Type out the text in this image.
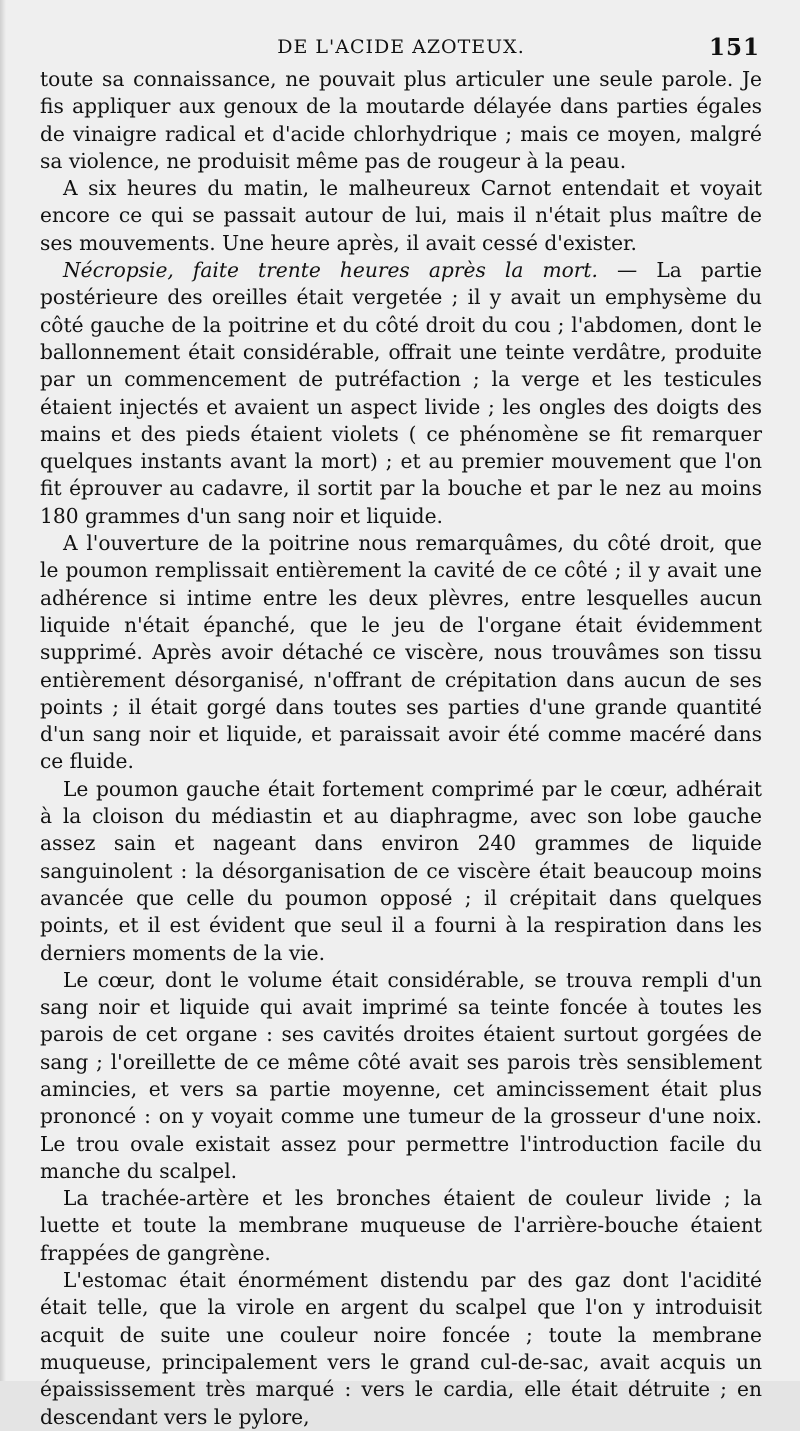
DE L'ACIDE AZOTEUX.	151

toute sa connaissance, ne pouvait plus articuler une seule parole. Je fis appliquer aux genoux de la moutarde délayée dans parties égales de vinaigre radical et d'acide chlorhydrique ; mais ce moyen, malgré sa violence, ne produisit même pas de rougeur à la peau.

A six heures du matin, le malheureux Carnot entendait et voyait encore ce qui se passait autour de lui, mais il n'était plus maître de ses mouvements. Une heure après, il avait cessé d'exister.

Nécropsie, faite trente heures après la mort. — La partie postérieure des oreilles était vergetée ; il y avait un emphysème du côté gauche de la poitrine et du côté droit du cou ; l'abdomen, dont le ballonnement était considérable, offrait une teinte verdâtre, produite par un commencement de putréfaction ; la verge et les testicules étaient injectés et avaient un aspect livide ; les ongles des doigts des mains et des pieds étaient violets ( ce phénomène se fit remarquer quelques instants avant la mort) ; et au premier mouvement que l'on fit éprouver au cadavre, il sortit par la bouche et par le nez au moins 180 grammes d'un sang noir et liquide.

A l'ouverture de la poitrine nous remarquâmes, du côté droit, que le poumon remplissait entièrement la cavité de ce côté ; il y avait une adhérence si intime entre les deux plèvres, entre lesquelles aucun liquide n'était épanché, que le jeu de l'organe était évidemment supprimé. Après avoir détaché ce viscère, nous trouvâmes son tissu entièrement désorganisé, n'offrant de crépitation dans aucun de ses points ; il était gorgé dans toutes ses parties d'une grande quantité d'un sang noir et liquide, et paraissait avoir été comme macéré dans ce fluide.

Le poumon gauche était fortement comprimé par le cœur, adhérait à la cloison du médiastin et au diaphragme, avec son lobe gauche assez sain et nageant dans environ 240 grammes de liquide sanguinolent : la désorganisation de ce viscère était beaucoup moins avancée que celle du poumon opposé ; il crépitait dans quelques points, et il est évident que seul il a fourni à la respiration dans les derniers moments de la vie.

Le cœur, dont le volume était considérable, se trouva rempli d'un sang noir et liquide qui avait imprimé sa teinte foncée à toutes les parois de cet organe : ses cavités droites étaient surtout gorgées de sang ; l'oreillette de ce même côté avait ses parois très sensiblement amincies, et vers sa partie moyenne, cet amincissement était plus prononcé : on y voyait comme une tumeur de la grosseur d'une noix. Le trou ovale existait assez pour permettre l'introduction facile du manche du scalpel.

La trachée-artère et les bronches étaient de couleur livide ; la luette et toute la membrane muqueuse de l'arrière-bouche étaient frappées de gangrène.

L'estomac était énormément distendu par des gaz dont l'acidité était telle, que la virole en argent du scalpel que l'on y introduisit acquit de suite une couleur noire foncée ; toute la membrane muqueuse, principalement vers le grand cul-de-sac, avait acquis un épaississement très marqué : vers le cardia, elle était détruite ; en descendant vers le pylore,
